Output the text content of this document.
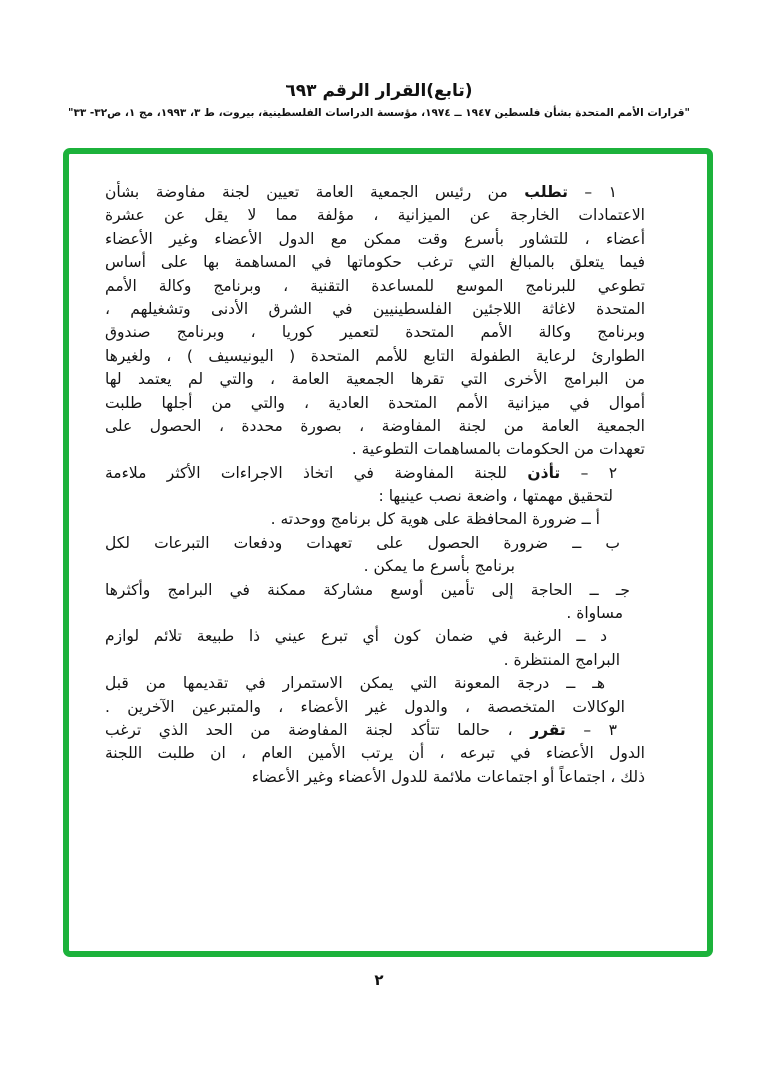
(تابع)القرار الرقم ٦٩٣
"قرارات الأمم المتحدة بشأن فلسطين ١٩٤٧ ــ ١٩٧٤، مؤسسة الدراسات الفلسطينية، بيروت، ط ٣، ١٩٩٣، مج ١، ص٣٢- ٣٣"
١ – تطلب من رئيس الجمعية العامة تعيين لجنة مفاوضة بشأن
الاعتمادات الخارجة عن الميزانية ، مؤلفة مما لا يقل عن عشرة
أعضاء ، للتشاور بأسرع وقت ممكن مع الدول الأعضاء وغير الأعضاء
فيما يتعلق بالمبالغ التي ترغب حكوماتها في المساهمة بها على أساس
تطوعي للبرنامج الموسع للمساعدة التقنية ، وبرنامج وكالة الأمم
المتحدة لاغاثة اللاجئين الفلسطينيين في الشرق الأدنى وتشغيلهم ،
وبرنامج وكالة الأمم المتحدة لتعمير كوريا ، وبرنامج صندوق
الطوارئ لرعاية الطفولة التابع للأمم المتحدة ( اليونيسيف ) ، ولغيرها
من البرامج الأخرى التي تقرها الجمعية العامة ، والتي لم يعتمد لها
أموال في ميزانية الأمم المتحدة العادية ، والتي من أجلها طلبت
الجمعية العامة من لجنة المفاوضة ، بصورة محددة ، الحصول على
تعهدات من الحكومات بالمساهمات التطوعية .
٢ – تأذن للجنة المفاوضة في اتخاذ الاجراءات الأكثر ملاءمة
لتحقيق مهمتها ، واضعة نصب عينيها :
أ ــ ضرورة المحافظة على هوية كل برنامج ووحدته .
ب ــ ضرورة الحصول على تعهدات ودفعات التبرعات لكل
برنامج بأسرع ما يمكن .
جـ ــ الحاجة إلى تأمين أوسع مشاركة ممكنة في البرامج وأكثرها
مساواة .
د ــ الرغبة في ضمان كون أي تبرع عيني ذا طبيعة تلائم لوازم
البرامج المنتظرة .
هـ ــ درجة المعونة التي يمكن الاستمرار في تقديمها من قبل
الوكالات المتخصصة ، والدول غير الأعضاء ، والمتبرعين الآخرين .
٣ – تقرر ، حالما تتأكد لجنة المفاوضة من الحد الذي ترغب
الدول الأعضاء في تبرعه ، أن يرتب الأمين العام ، ان طلبت اللجنة
ذلك ، اجتماعاً أو اجتماعات ملائمة للدول الأعضاء وغير الأعضاء
٢
